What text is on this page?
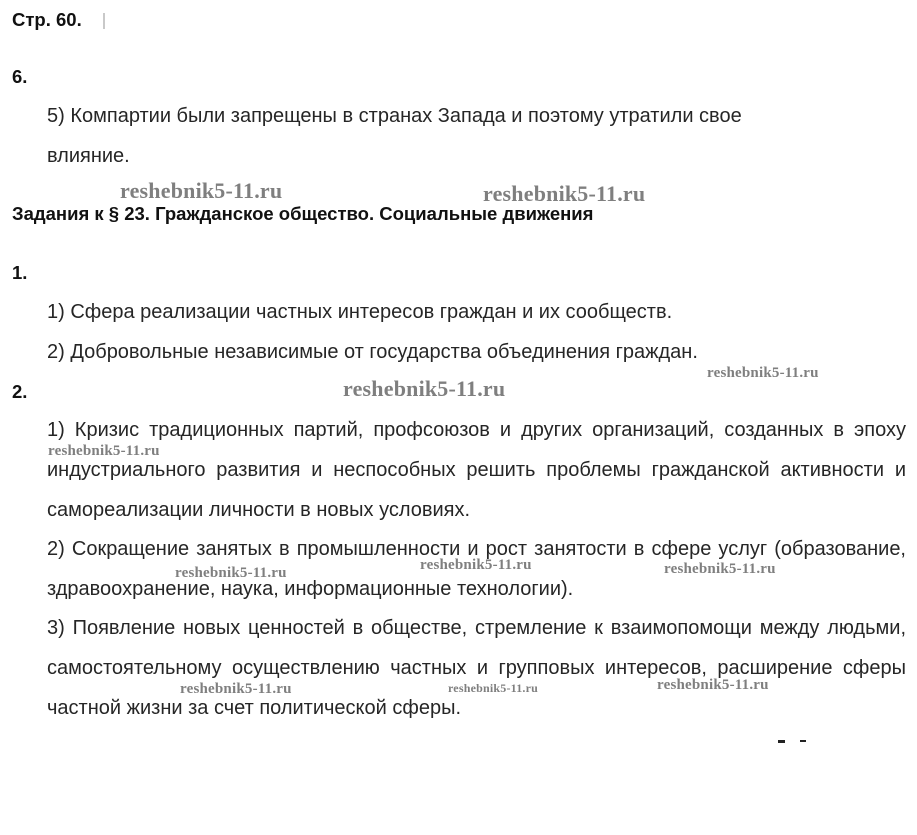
Стр. 60.
6.
5) Компартии были запрещены в странах Запада и поэтому утратили свое
влияние.
reshebnik5-11.ru	reshebnik5-11.ru
Задания к § 23. Гражданское общество. Социальные движения
1.
1) Сфера реализации частных интересов граждан и их сообществ.
2) Добровольные независимые от государства объединения граждан.
reshebnik5-11.ru
reshebnik5-11.ru
2.
1) Кризис традиционных партий, профсоюзов и других организаций, созданных в эпоху индустриального развития и неспособных решить проблемы гражданской активности и самореализации личности в новых условиях.
reshebnik5-11.ru
2) Сокращение занятых в промышленности и рост занятости в сфере услуг (образование, здравоохранение, наука, информационные технологии).
reshebnik5-11.ru	reshebnik5-11.ru	reshebnik5-11.ru
3) Появление новых ценностей в обществе, стремление к взаимопомощи между людьми, самостоятельному осуществлению частных и групповых интересов, расширение сферы частной жизни за счет политической сферы.
reshebnik5-11.ru	reshebnik5-11.ru	reshebnik5-11.ru
